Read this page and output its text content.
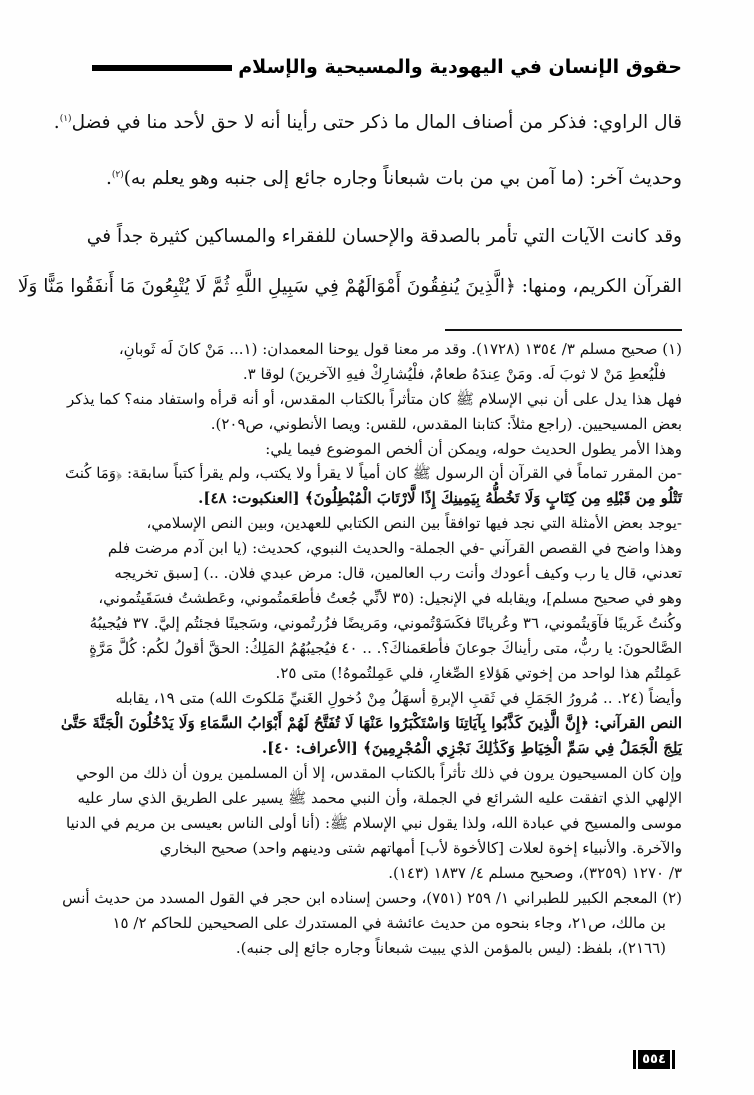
حقوق الإنسان في اليهودية والمسيحية والإسلام

قال الراوي: فذكر من أصناف المال ما ذكر حتى رأينا أنه لا حق لأحد منا في فضل$^{(١)}$.

وحديث آخر: (ما آمن بي من بات شبعاناً وجاره جائع إلى جنبه وهو يعلم به)$^{(٢)}$.

وقد كانت الآيات التي تأمر بالصدقة والإحسان للفقراء والمساكين كثيرة جداً في

القرآن الكريم، ومنها: ﴿الَّذِينَ يُنفِقُونَ أَمْوَالَهُمْ فِي سَبِيلِ اللَّهِ ثُمَّ لَا يُتْبِعُونَ مَا أَنفَقُوا مَنًّا وَلَا

(١) صحيح مسلم ٣/ ١٣٥٤ (١٧٢٨). وقد مر معنا قول يوحنا المعمدان: (١... مَنْ كانَ لَه ثَوبانِ،
فلْيُعطِ مَنْ لا ثوبَ لَه. ومَنْ عِندَهُ طعامٌ، فلْيُشارِكْ فيهِ الآخرينَ) لوقا ٣.
فهل هذا يدل على أن نبي الإسلام ﷺ كان متأثراً بالكتاب المقدس، أو أنه قرأه واستفاد منه؟ كما يذكر
بعض المسيحيين. (راجع مثلاً: كتابنا المقدس، للقس: ويصا الأنطوني، ص٢٠٩).
وهذا الأمر يطول الحديث حوله، ويمكن أن ألخص الموضوع فيما يلي:
-من المقرر تماماً في القرآن أن الرسول ﷺ كان أمياً لا يقرأ ولا يكتب، ولم يقرأ كتباً سابقة: ﴿وَمَا كُنتَ
تَتْلُو مِن قَبْلِهِ مِن كِتَابٍ وَلَا تَخُطُّهُ بِيَمِينِكَ إِذًا لَّارْتَابَ الْمُبْطِلُونَ﴾ [العنكبوت: ٤٨].
-يوجد بعض الأمثلة التي نجد فيها توافقاً بين النص الكتابي للعهدين، وبين النص الإسلامي،
وهذا واضح في القصص القرآني -في الجملة- والحديث النبوي، كحديث: (يا ابن آدم مرضت فلم
تعدني، قال يا رب وكيف أعودك وأنت رب العالمين، قال: مرض عبدي فلان. ..) [سبق تخريجه
وهو في صحيح مسلم]، ويقابله في الإنجيل: (٣٥ لأنِّي جُعتُ فأطعَمتُموني، وعَطشتُ فسَقَيتُموني،
وكُنتُ غَريبًا فآوَيتُموني، ٣٦ وعُريانًا فكَسَوْتُموني، ومَريضًا فزُرتُموني، وسَجينًا فجئتُم إليَّ. ٣٧ فيُجيبُهُ
الصَّالحونَ: يا ربُّ، متى رأيناكَ جوعانَ فأطعَمناكَ؟. .. ٤٠ فيُجيبُهُمُ المَلِكُ: الحقَّ أقولُ لكُم: كُلَّ مَرَّةٍ
عَمِلتُم هذا لواحد من إخوتي هَؤلاءِ الصِّغارِ، فلي عَمِلتُموهُ!) متى ٢٥.
وأيضاً (٢٤. .. مُرورُ الجَمَلِ في ثَقبِ الإبرةِ أسهَلُ مِنْ دُخولِ الغَنيِّ مَلكوتَ الله) متى ١٩، يقابله
النص القرآني: ﴿إِنَّ الَّذِينَ كَذَّبُوا بِآيَاتِنَا وَاسْتَكْبَرُوا عَنْهَا لَا تُفَتَّحُ لَهُمْ أَبْوَابُ السَّمَاءِ وَلَا يَدْخُلُونَ الْجَنَّةَ حَتَّىٰ
يَلِجَ الْجَمَلُ فِي سَمِّ الْخِيَاطِ وَكَذَٰلِكَ نَجْزِي الْمُجْرِمِينَ﴾ [الأعراف: ٤٠].
وإن كان المسيحيون يرون في ذلك تأثراً بالكتاب المقدس، إلا أن المسلمين يرون أن ذلك من الوحي
الإلهي الذي اتفقت عليه الشرائع في الجملة، وأن النبي محمد ﷺ يسير على الطريق الذي سار عليه
موسى والمسيح في عبادة الله، ولذا يقول نبي الإسلام ﷺ: (أنا أولى الناس بعيسى بن مريم في الدنيا
والآخرة. والأنبياء إخوة لعلات [كالأخوة لأب] أمهاتهم شتى ودينهم واحد) صحيح البخاري
٣/ ١٢٧٠ (٣٢٥٩)، وصحيح مسلم ٤/ ١٨٣٧ (١٤٣).
(٢) المعجم الكبير للطبراني ١/ ٢٥٩ (٧٥١)، وحسن إسناده ابن حجر في القول المسدد من حديث أنس
بن مالك، ص٢١، وجاء بنحوه من حديث عائشة في المستدرك على الصحيحين للحاكم ٢/ ١٥
(٢١٦٦)، بلفظ: (ليس بالمؤمن الذي يبيت شبعاناً وجاره جائع إلى جنبه).
٥٥٤
